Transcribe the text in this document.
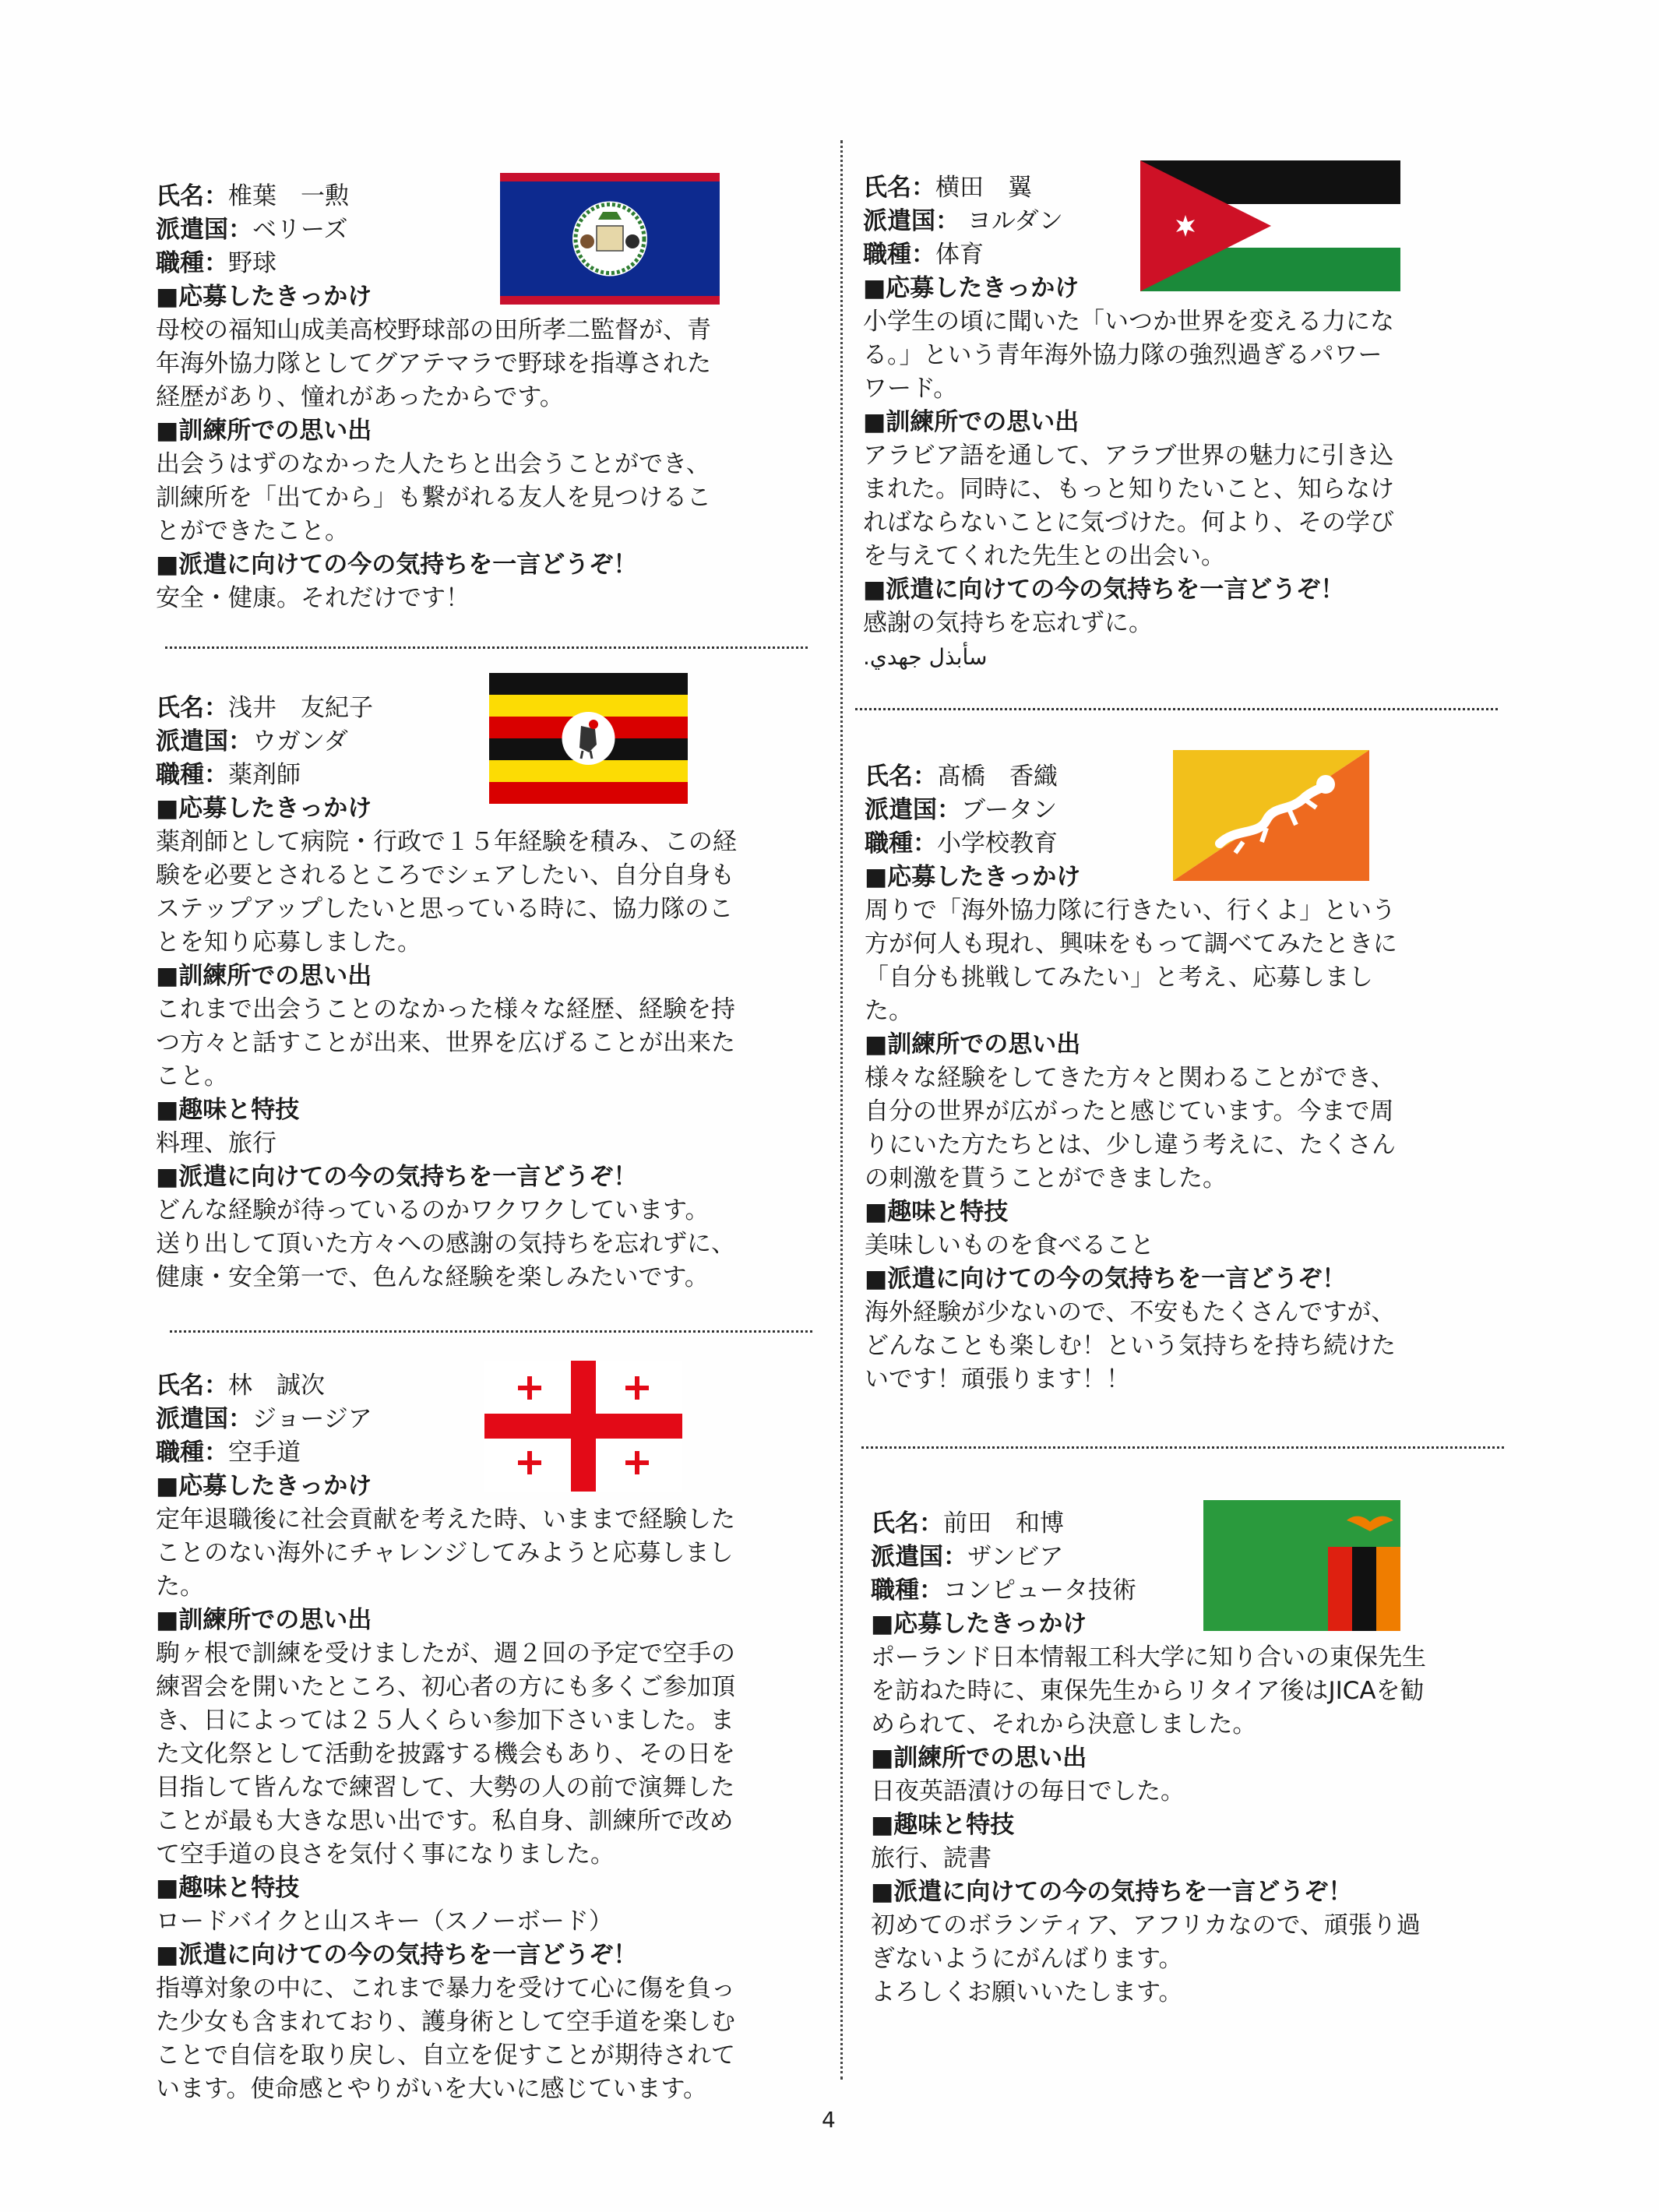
氏名：椎葉　一勲

派遣国：ベリーズ

職種：野球

■応募したきっかけ

母校の福知山成美高校野球部の田所孝二監督が、青
年海外協力隊としてグアテマラで野球を指導された
経歴があり、憧れがあったからです。

■訓練所での思い出

出会うはずのなかった人たちと出会うことができ、
訓練所を「出てから」も繋がれる友人を見つけるこ
とができたこと。

■派遣に向けての今の気持ちを一言どうぞ！

安全・健康。それだけです！

氏名：浅井　友紀子

派遣国：ウガンダ

職種：薬剤師

■応募したきっかけ

薬剤師として病院・行政で１５年経験を積み、この経
験を必要とされるところでシェアしたい、自分自身も
ステップアップしたいと思っている時に、協力隊のこ
とを知り応募しました。

■訓練所での思い出

これまで出会うことのなかった様々な経歴、経験を持
つ方々と話すことが出来、世界を広げることが出来た
こと。

■趣味と特技

料理、旅行

■派遣に向けての今の気持ちを一言どうぞ！

どんな経験が待っているのかワクワクしています。
送り出して頂いた方々への感謝の気持ちを忘れずに、
健康・安全第一で、色んな経験を楽しみたいです。

氏名：林　誠次

派遣国：ジョージア

職種：空手道

■応募したきっかけ

定年退職後に社会貢献を考えた時、いままで経験した
ことのない海外にチャレンジしてみようと応募しまし
た。

■訓練所での思い出

駒ヶ根で訓練を受けましたが、週２回の予定で空手の
練習会を開いたところ、初心者の方にも多くご参加頂
き、日によっては２５人くらい参加下さいました。ま
た文化祭として活動を披露する機会もあり、その日を
目指して皆んなで練習して、大勢の人の前で演舞した
ことが最も大きな思い出です。私自身、訓練所で改め
て空手道の良さを気付く事になりました。

■趣味と特技

ロードバイクと山スキー（スノーボード）

■派遣に向けての今の気持ちを一言どうぞ！

指導対象の中に、これまで暴力を受けて心に傷を負っ
た少女も含まれており、護身術として空手道を楽しむ
ことで自信を取り戻し、自立を促すことが期待されて
います。使命感とやりがいを大いに感じています。

氏名：横田　翼

派遣国： ヨルダン

職種：体育

■応募したきっかけ

小学生の頃に聞いた「いつか世界を変える力にな
る。」という青年海外協力隊の強烈過ぎるパワー
ワード。

■訓練所での思い出

アラビア語を通して、アラブ世界の魅力に引き込
まれた。同時に、もっと知りたいこと、知らなけ
ればならないことに気づけた。何より、その学び
を与えてくれた先生との出会い。

■派遣に向けての今の気持ちを一言どうぞ！

感謝の気持ちを忘れずに。

سأبذل جهدي.

氏名：髙橋　香織

派遣国：ブータン

職種：小学校教育

■応募したきっかけ

周りで「海外協力隊に行きたい、行くよ」という
方が何人も現れ、興味をもって調べてみたときに
「自分も挑戦してみたい」と考え、応募しまし
た。

■訓練所での思い出

様々な経験をしてきた方々と関わることができ、
自分の世界が広がったと感じています。今まで周
りにいた方たちとは、少し違う考えに、たくさん
の刺激を貰うことができました。

■趣味と特技

美味しいものを食べること

■派遣に向けての今の気持ちを一言どうぞ！

海外経験が少ないので、不安もたくさんですが、
どんなことも楽しむ！という気持ちを持ち続けた
いです！頑張ります！！

氏名：前田　和博

派遣国：ザンビア

職種：コンピュータ技術

■応募したきっかけ

ポーランド日本情報工科大学に知り合いの東保先生
を訪ねた時に、東保先生からリタイア後はJICAを勧
められて、それから決意しました。

■訓練所での思い出

日夜英語漬けの毎日でした。

■趣味と特技

旅行、読書

■派遣に向けての今の気持ちを一言どうぞ！

初めてのボランティア、アフリカなので、頑張り過
ぎないようにがんばります。
よろしくお願いいたします。

4
